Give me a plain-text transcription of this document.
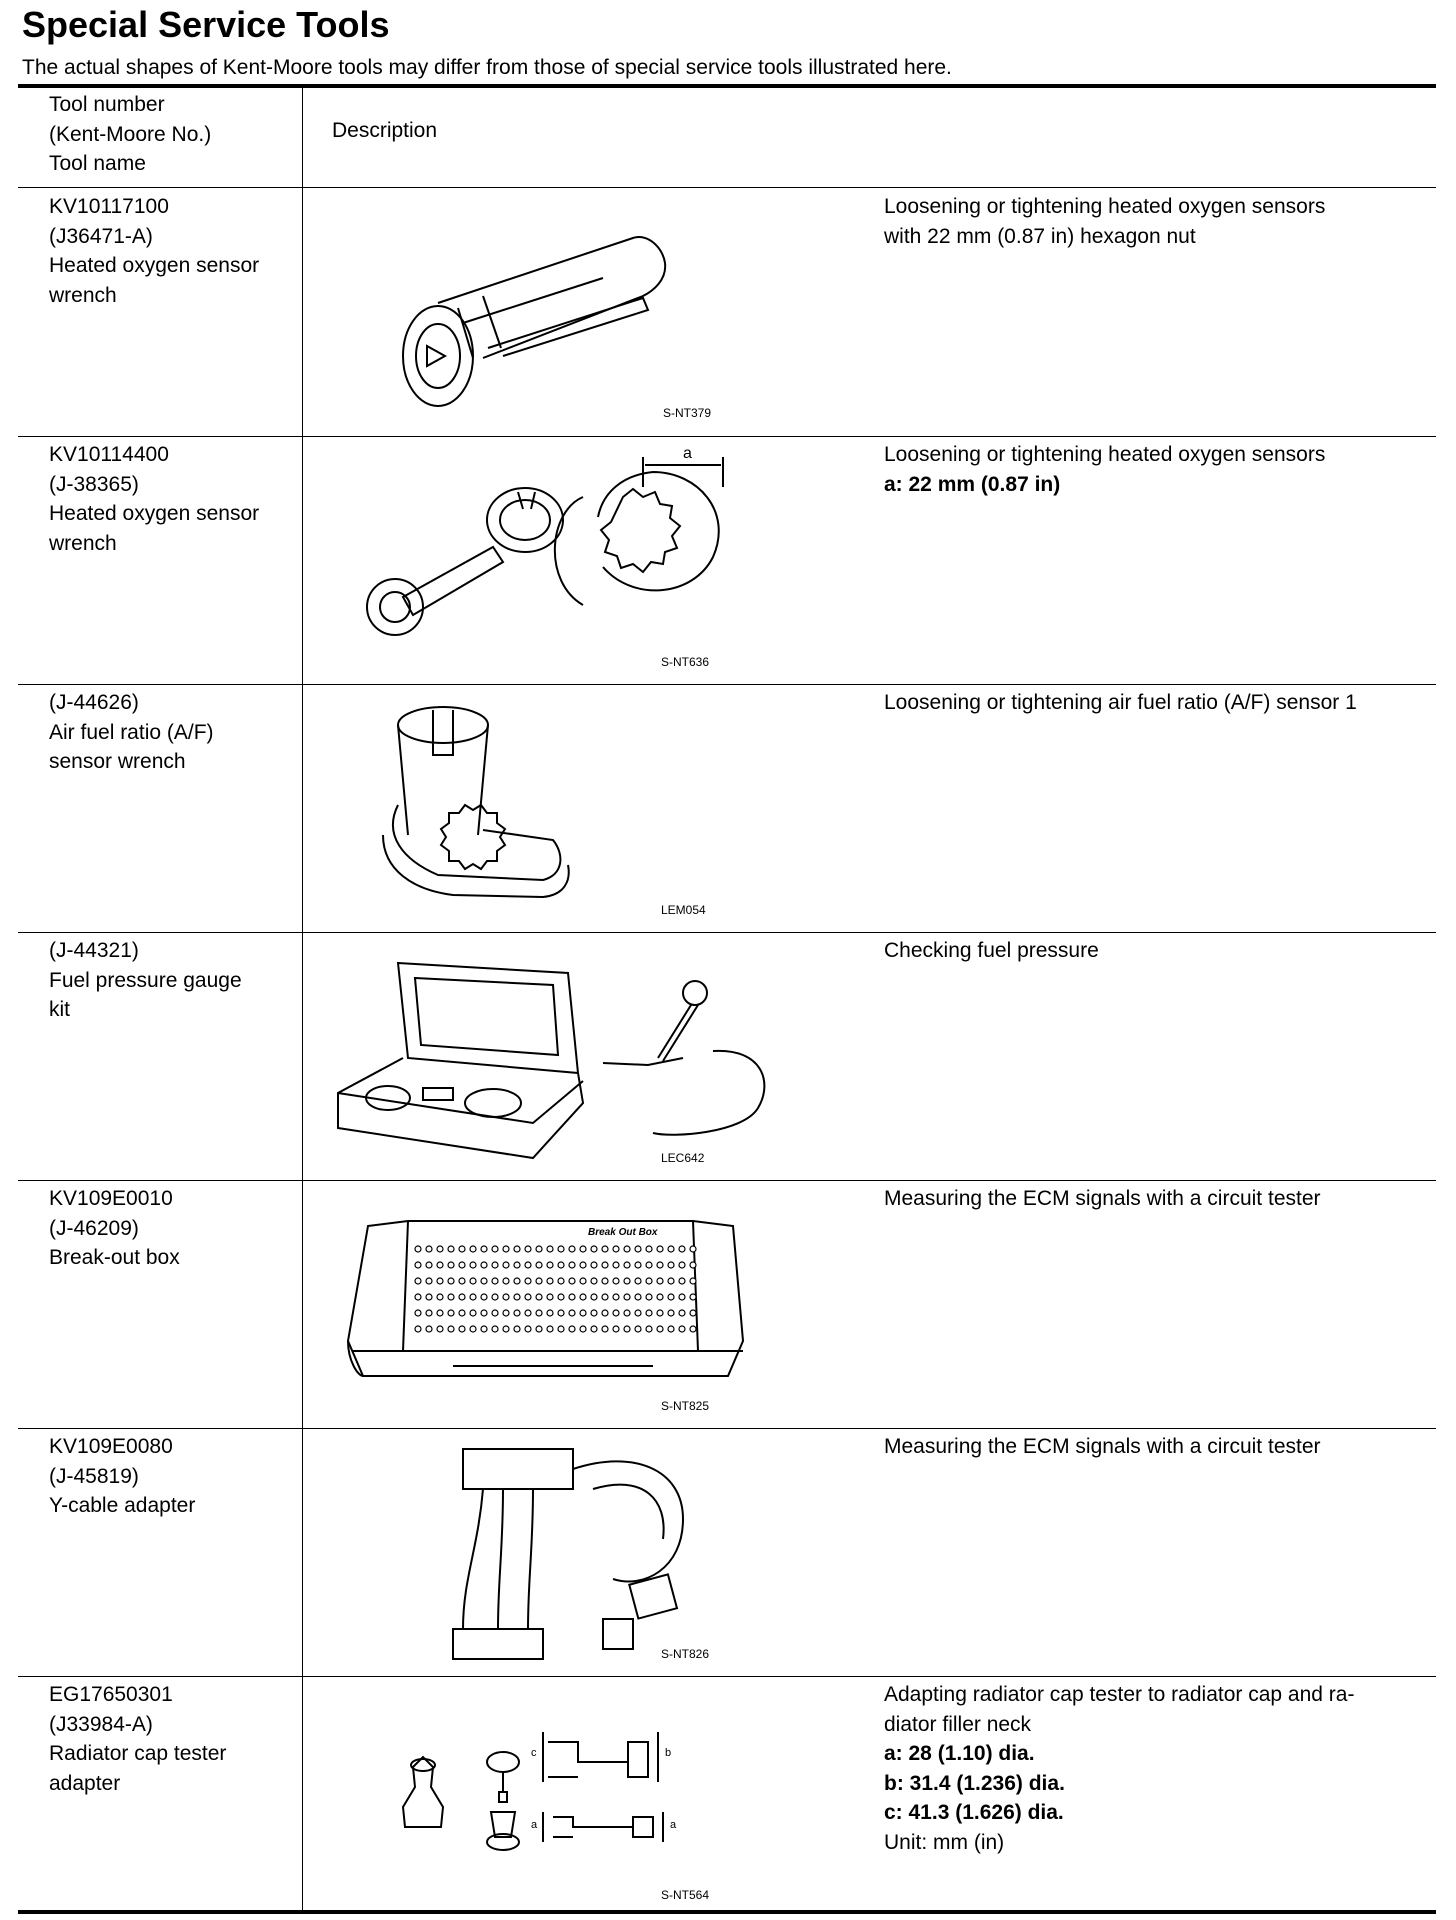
Special Service Tools

The actual shapes of Kent-Moore tools may differ from those of special service tools illustrated here.

Tool number
(Kent-Moore No.)
Tool name
Description
KV10117100
(J36471-A)
Heated oxygen sensor
wrench
Loosening or tightening heated oxygen sensors
with 22 mm (0.87 in) hexagon nut
S-NT379
KV10114400
(J-38365)
Heated oxygen sensor
wrench
Loosening or tightening heated oxygen sensors
a: 22 mm (0.87 in)
a
S-NT636
(J-44626)
Air fuel ratio (A/F)
sensor wrench
Loosening or tightening air fuel ratio (A/F) sensor 1
LEM054
(J-44321)
Fuel pressure gauge
kit
Checking fuel pressure
LEC642
KV109E0010
(J-46209)
Break-out box
Measuring the ECM signals with a circuit tester
Break Out Box
S-NT825
KV109E0080
(J-45819)
Y-cable adapter
Measuring the ECM signals with a circuit tester
S-NT826
EG17650301
(J33984-A)
Radiator cap tester
adapter
Adapting radiator cap tester to radiator cap and ra-
diator filler neck
a: 28 (1.10) dia.
b: 31.4 (1.236) dia.
c: 41.3 (1.626) dia.
Unit: mm (in)
c	b
a	a
S-NT564
